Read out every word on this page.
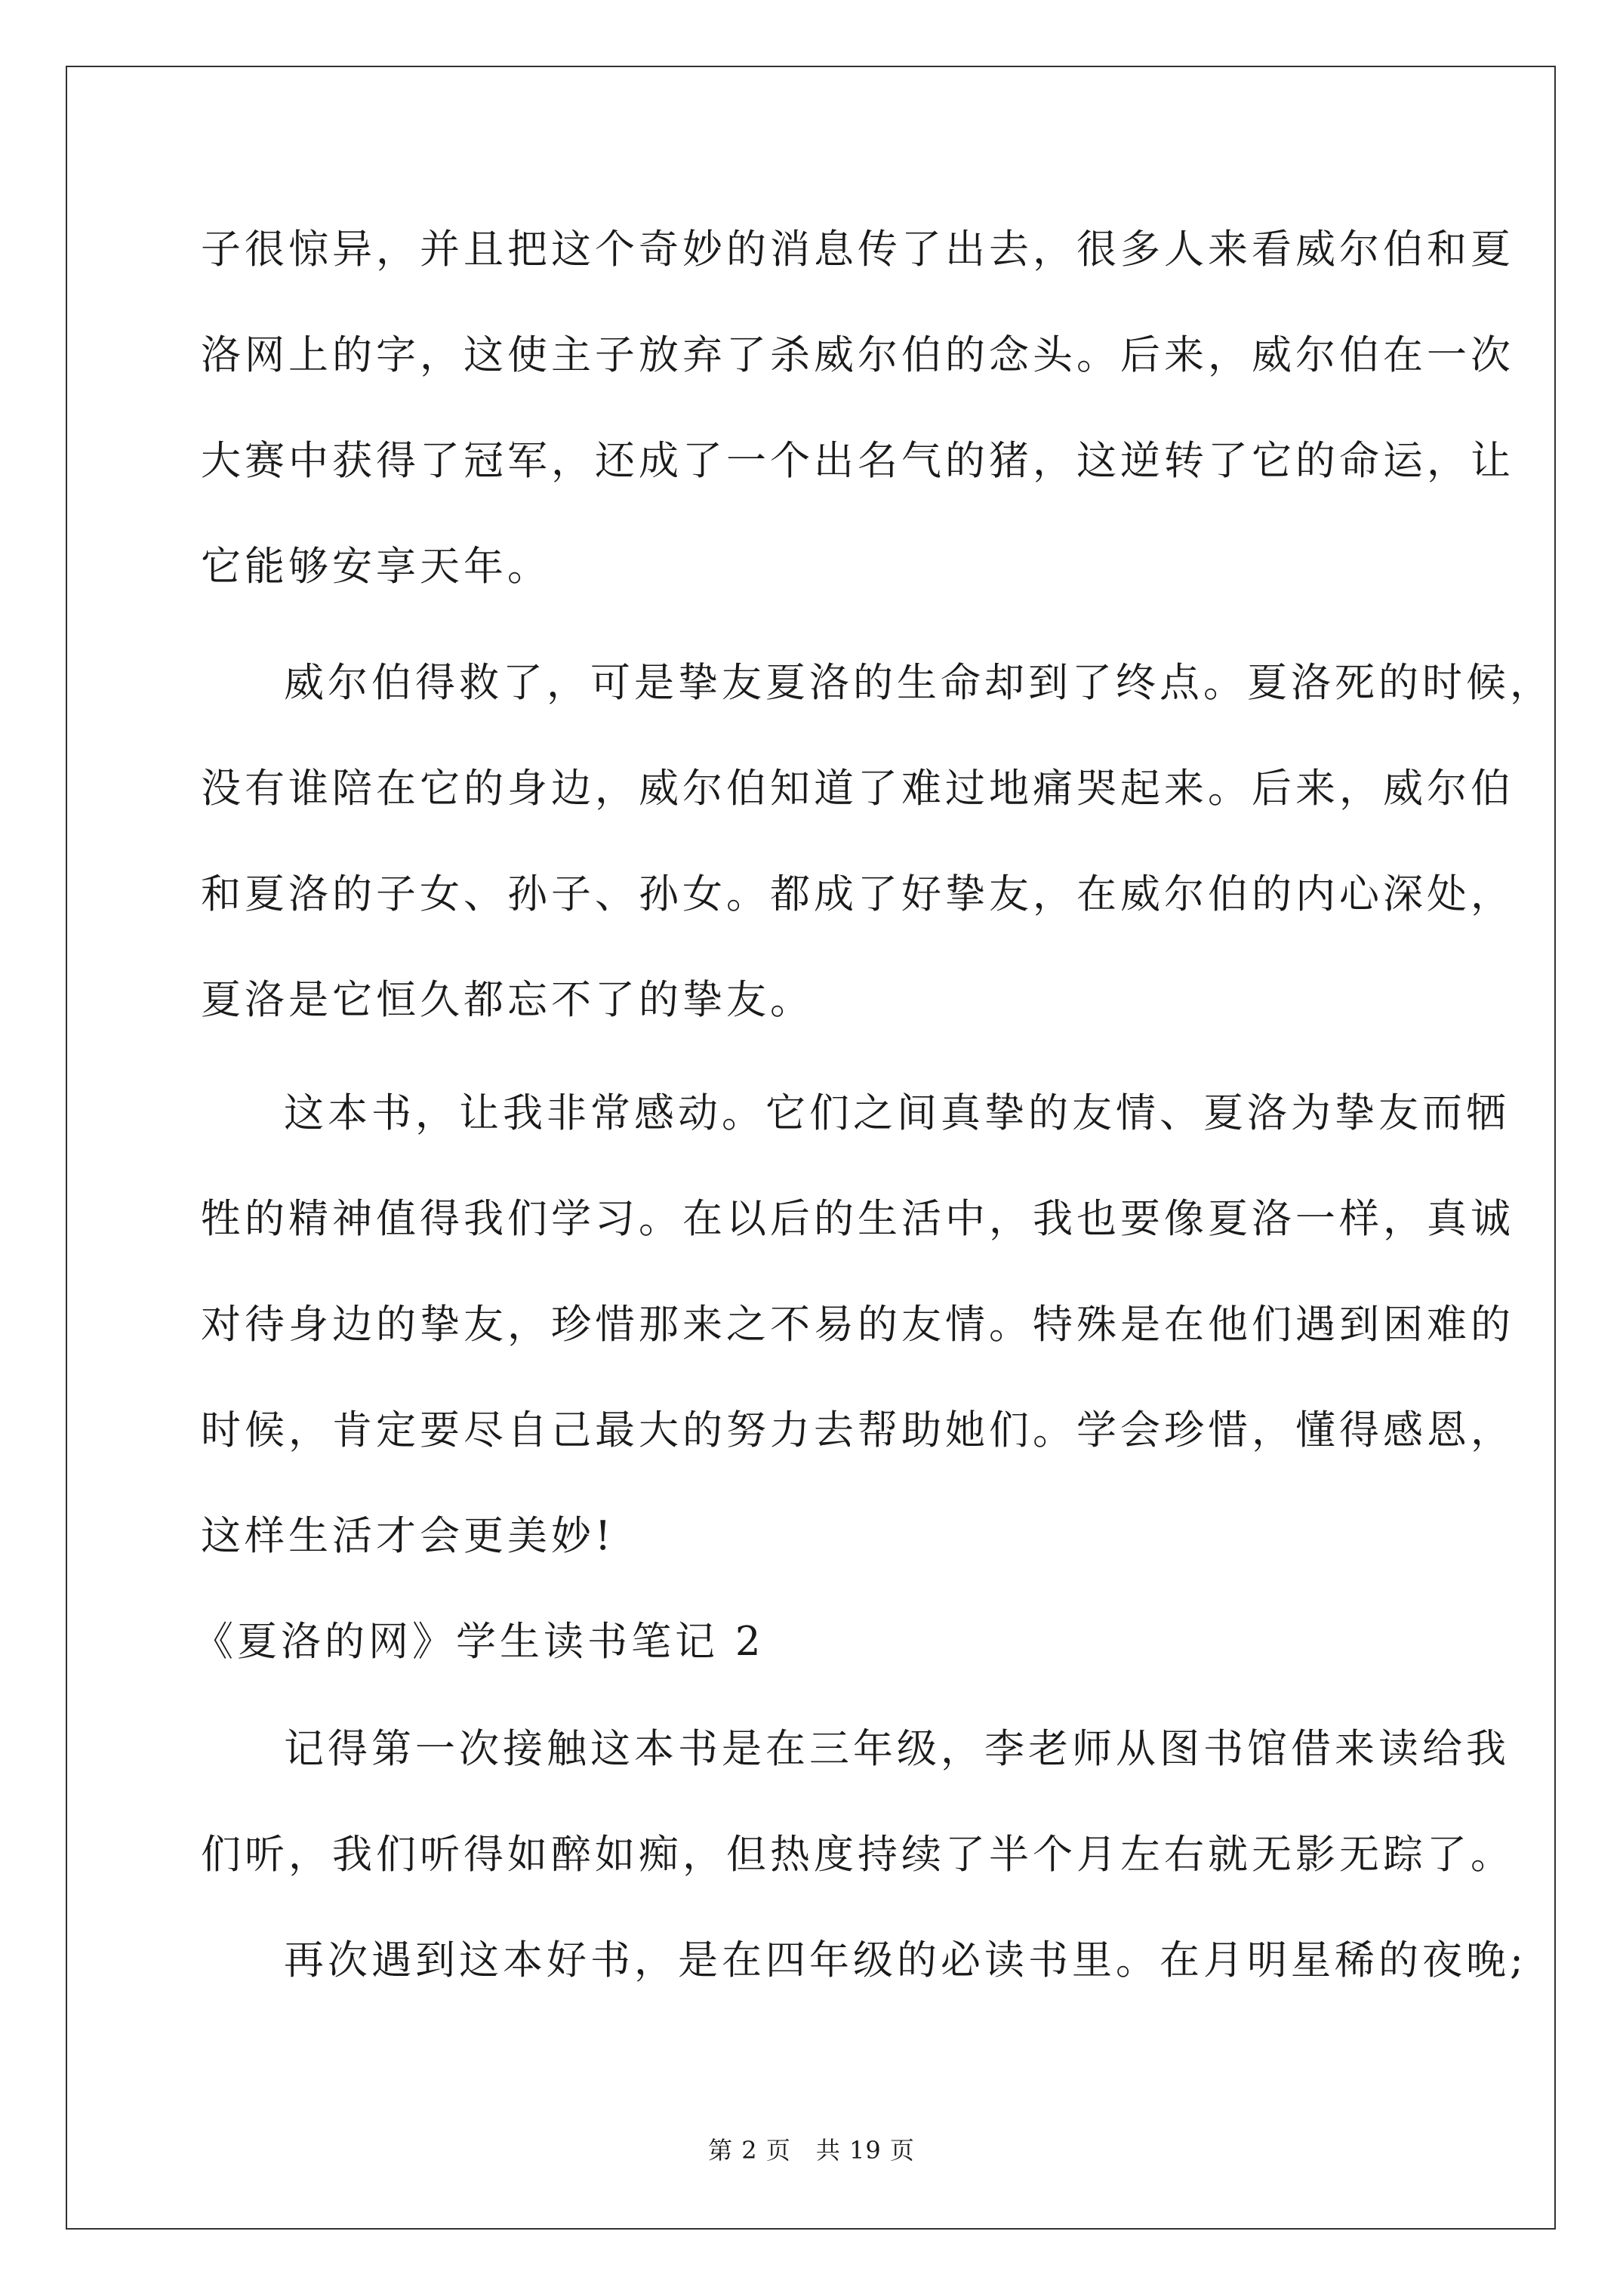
子很惊异，并且把这个奇妙的消息传了出去，很多人来看威尔伯和夏
洛网上的字，这使主子放弃了杀威尔伯的念头。后来，威尔伯在一次
大赛中获得了冠军，还成了一个出名气的猪，这逆转了它的命运，让
它能够安享天年。
威尔伯得救了，可是挚友夏洛的生命却到了终点。夏洛死的时候，
没有谁陪在它的身边，威尔伯知道了难过地痛哭起来。后来，威尔伯
和夏洛的子女、孙子、孙女。都成了好挚友，在威尔伯的内心深处，
夏洛是它恒久都忘不了的挚友。
这本书，让我非常感动。它们之间真挚的友情、夏洛为挚友而牺
牲的精神值得我们学习。在以后的生活中，我也要像夏洛一样，真诚
对待身边的挚友，珍惜那来之不易的友情。特殊是在他们遇到困难的
时候，肯定要尽自己最大的努力去帮助她们。学会珍惜，懂得感恩，
这样生活才会更美妙!
《夏洛的网》学生读书笔记 2
记得第一次接触这本书是在三年级，李老师从图书馆借来读给我
们听，我们听得如醉如痴，但热度持续了半个月左右就无影无踪了。
再次遇到这本好书，是在四年级的必读书里。在月明星稀的夜晚;
第 2 页　共 19 页
